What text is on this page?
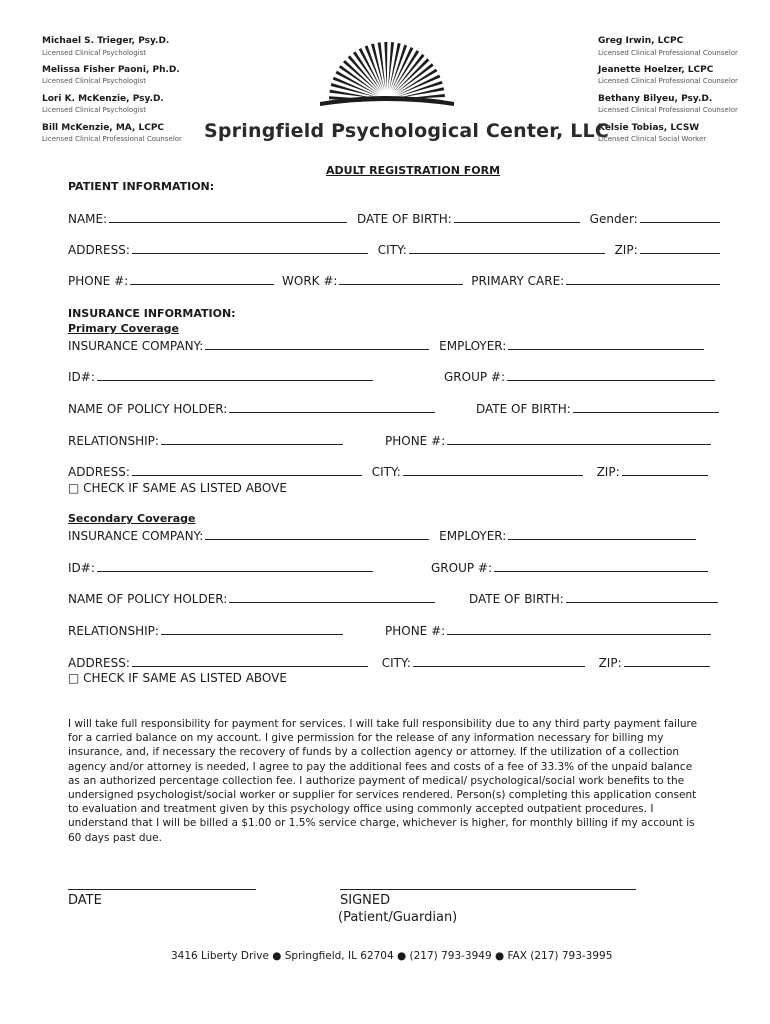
Michael S. Trieger, Psy.D.
Licensed Clinical Psychologist
Melissa Fisher Paoni, Ph.D.
Licensed Clinical Psychologist
Lori K. McKenzie, Psy.D.
Licensed Clinical Psychologist
Bill McKenzie, MA, LCPC
Licensed Clinical Professional Counselor
Greg Irwin, LCPC
Licensed Clinical Professional Counselor
Jeanette Hoelzer, LCPC
Licensed Clinical Professional Counselor
Bethany Bilyeu, Psy.D.
Licensed Clinical Professional Counselor
Kelsie Tobias, LCSW
Licensed Clinical Social Worker
Springfield Psychological Center, LLC
ADULT REGISTRATION FORM
PATIENT INFORMATION:
NAME:	DATE OF BIRTH:	Gender:
ADDRESS:	CITY:	ZIP:
PHONE #:	WORK #:	PRIMARY CARE:
INSURANCE INFORMATION:
Primary Coverage
INSURANCE COMPANY:	EMPLOYER:
ID#:	GROUP #:
NAME OF POLICY HOLDER:	DATE OF BIRTH:
RELATIONSHIP:	PHONE #:
ADDRESS:	CITY:	ZIP:
□ CHECK IF SAME AS LISTED ABOVE
Secondary Coverage
INSURANCE COMPANY:	EMPLOYER:
ID#:	GROUP #:
NAME OF POLICY HOLDER:	DATE OF BIRTH:
RELATIONSHIP:	PHONE #:
ADDRESS:	CITY:	ZIP:
□ CHECK IF SAME AS LISTED ABOVE
I will take full responsibility for payment for services. I will take full responsibility due to any third party payment failure for a carried balance on my account. I give permission for the release of any information necessary for billing my insurance, and, if necessary the recovery of funds by a collection agency or attorney. If the utilization of a collection agency and/or attorney is needed, I agree to pay the additional fees and costs of a fee of 33.3% of the unpaid balance as an authorized percentage collection fee. I authorize payment of medical/ psychological/social work benefits to the undersigned psychologist/social worker or supplier for services rendered. Person(s) completing this application consent to evaluation and treatment given by this psychology office using commonly accepted outpatient procedures. I understand that I will be billed a $1.00 or 1.5% service charge, whichever is higher, for monthly billing if my account is 60 days past due.
DATE	SIGNED
(Patient/Guardian)
3416 Liberty Drive ● Springfield, IL 62704 ● (217) 793-3949 ● FAX (217) 793-3995
